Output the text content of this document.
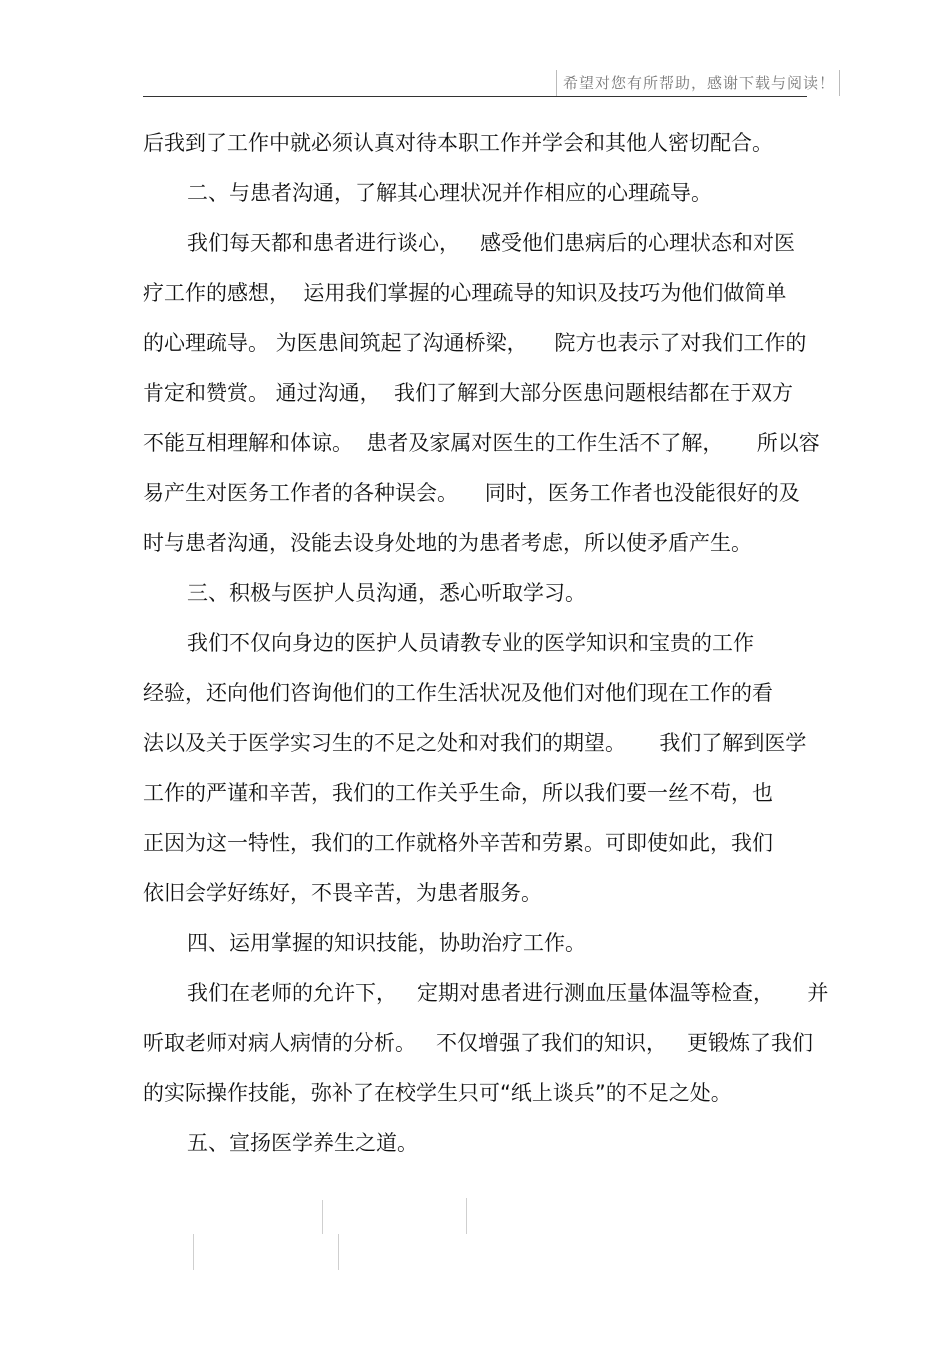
希望对您有所帮助，感谢下载与阅读！
后我到了工作中就必须认真对待本职工作并学会和其他人密切配合。
二、与患者沟通，了解其心理状况并作相应的心理疏导。
我们每天都和患者进行谈心，   感受他们患病后的心理状态和对医
疗工作的感想，  运用我们掌握的心理疏导的知识及技巧为他们做简单
的心理疏导。 为医患间筑起了沟通桥梁，    院方也表示了对我们工作的
肯定和赞赏。 通过沟通，  我们了解到大部分医患问题根结都在于双方
不能互相理解和体谅。  患者及家属对医生的工作生活不了解，     所以容
易产生对医务工作者的各种误会。    同时，医务工作者也没能很好的及
时与患者沟通，没能去设身处地的为患者考虑，所以使矛盾产生。
三、积极与医护人员沟通，悉心听取学习。
我们不仅向身边的医护人员请教专业的医学知识和宝贵的工作
经验，还向他们咨询他们的工作生活状况及他们对他们现在工作的看
法以及关于医学实习生的不足之处和对我们的期望。     我们了解到医学
工作的严谨和辛苦，我们的工作关乎生命，所以我们要一丝不苟，也
正因为这一特性，我们的工作就格外辛苦和劳累。可即使如此，我们
依旧会学好练好，不畏辛苦，为患者服务。
四、运用掌握的知识技能，协助治疗工作。
我们在老师的允许下，   定期对患者进行测血压量体温等检查，     并
听取老师对病人病情的分析。   不仅增强了我们的知识，   更锻炼了我们
的实际操作技能，弥补了在校学生只可“纸上谈兵”的不足之处。
五、宣扬医学养生之道。
